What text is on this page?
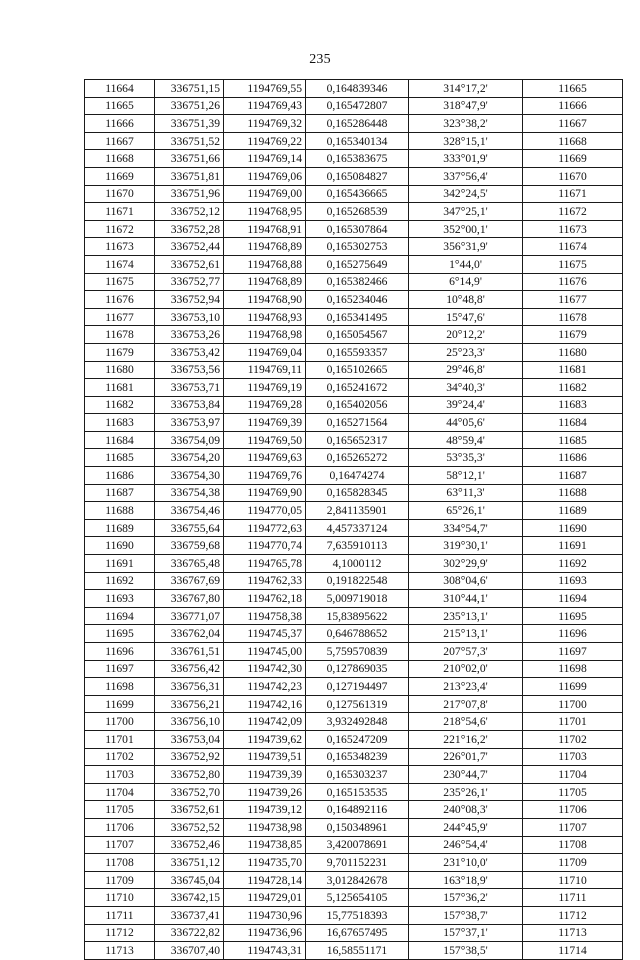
235
11664	336751,15	1194769,55	0,164839346	314°17,2'	11665
11665	336751,26	1194769,43	0,165472807	318°47,9'	11666
11666	336751,39	1194769,32	0,165286448	323°38,2'	11667
11667	336751,52	1194769,22	0,165340134	328°15,1'	11668
11668	336751,66	1194769,14	0,165383675	333°01,9'	11669
11669	336751,81	1194769,06	0,165084827	337°56,4'	11670
11670	336751,96	1194769,00	0,165436665	342°24,5'	11671
11671	336752,12	1194768,95	0,165268539	347°25,1'	11672
11672	336752,28	1194768,91	0,165307864	352°00,1'	11673
11673	336752,44	1194768,89	0,165302753	356°31,9'	11674
11674	336752,61	1194768,88	0,165275649	1°44,0'	11675
11675	336752,77	1194768,89	0,165382466	6°14,9'	11676
11676	336752,94	1194768,90	0,165234046	10°48,8'	11677
11677	336753,10	1194768,93	0,165341495	15°47,6'	11678
11678	336753,26	1194768,98	0,165054567	20°12,2'	11679
11679	336753,42	1194769,04	0,165593357	25°23,3'	11680
11680	336753,56	1194769,11	0,165102665	29°46,8'	11681
11681	336753,71	1194769,19	0,165241672	34°40,3'	11682
11682	336753,84	1194769,28	0,165402056	39°24,4'	11683
11683	336753,97	1194769,39	0,165271564	44°05,6'	11684
11684	336754,09	1194769,50	0,165652317	48°59,4'	11685
11685	336754,20	1194769,63	0,165265272	53°35,3'	11686
11686	336754,30	1194769,76	0,16474274	58°12,1'	11687
11687	336754,38	1194769,90	0,165828345	63°11,3'	11688
11688	336754,46	1194770,05	2,841135901	65°26,1'	11689
11689	336755,64	1194772,63	4,457337124	334°54,7'	11690
11690	336759,68	1194770,74	7,635910113	319°30,1'	11691
11691	336765,48	1194765,78	4,1000112	302°29,9'	11692
11692	336767,69	1194762,33	0,191822548	308°04,6'	11693
11693	336767,80	1194762,18	5,009719018	310°44,1'	11694
11694	336771,07	1194758,38	15,83895622	235°13,1'	11695
11695	336762,04	1194745,37	0,646788652	215°13,1'	11696
11696	336761,51	1194745,00	5,759570839	207°57,3'	11697
11697	336756,42	1194742,30	0,127869035	210°02,0'	11698
11698	336756,31	1194742,23	0,127194497	213°23,4'	11699
11699	336756,21	1194742,16	0,127561319	217°07,8'	11700
11700	336756,10	1194742,09	3,932492848	218°54,6'	11701
11701	336753,04	1194739,62	0,165247209	221°16,2'	11702
11702	336752,92	1194739,51	0,165348239	226°01,7'	11703
11703	336752,80	1194739,39	0,165303237	230°44,7'	11704
11704	336752,70	1194739,26	0,165153535	235°26,1'	11705
11705	336752,61	1194739,12	0,164892116	240°08,3'	11706
11706	336752,52	1194738,98	0,150348961	244°45,9'	11707
11707	336752,46	1194738,85	3,420078691	246°54,4'	11708
11708	336751,12	1194735,70	9,701152231	231°10,0'	11709
11709	336745,04	1194728,14	3,012842678	163°18,9'	11710
11710	336742,15	1194729,01	5,125654105	157°36,2'	11711
11711	336737,41	1194730,96	15,77518393	157°38,7'	11712
11712	336722,82	1194736,96	16,67657495	157°37,1'	11713
11713	336707,40	1194743,31	16,58551171	157°38,5'	11714
